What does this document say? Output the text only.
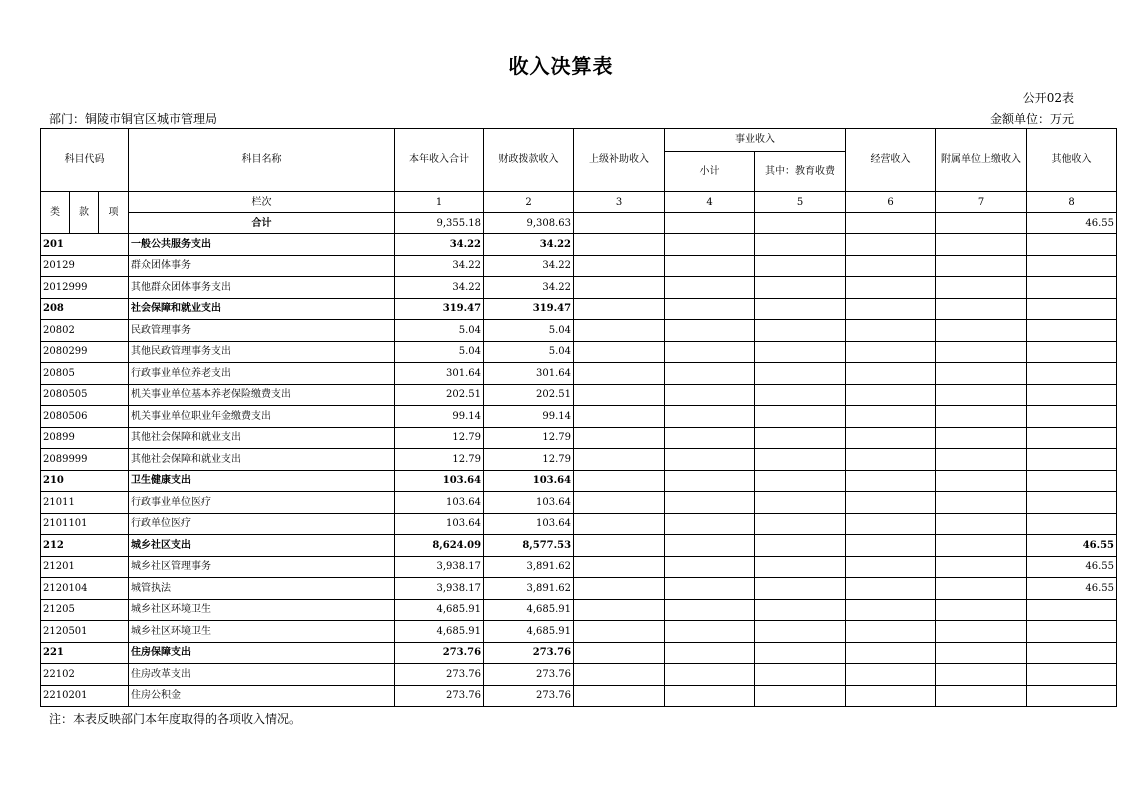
收入决算表
公开02表
部门：铜陵市铜官区城市管理局	金额单位：万元
科目代码			科目名称	本年收入合计	财政拨款收入	上级补助收入	事业收入		经营收入	附属单位上缴收入	其他收入
							小计	其中：教育收费			
类	款	项	栏次	1	2	3	4	5	6	7	8
			合计	9,355.18	9,308.63						46.55
201			一般公共服务支出	34.22	34.22						
20129			群众团体事务	34.22	34.22						
2012999			其他群众团体事务支出	34.22	34.22						
208			社会保障和就业支出	319.47	319.47						
20802			民政管理事务	5.04	5.04						
2080299			其他民政管理事务支出	5.04	5.04						
20805			行政事业单位养老支出	301.64	301.64						
2080505			机关事业单位基本养老保险缴费支出	202.51	202.51						
2080506			机关事业单位职业年金缴费支出	99.14	99.14						
20899			其他社会保障和就业支出	12.79	12.79						
2089999			其他社会保障和就业支出	12.79	12.79						
210			卫生健康支出	103.64	103.64						
21011			行政事业单位医疗	103.64	103.64						
2101101			行政单位医疗	103.64	103.64						
212			城乡社区支出	8,624.09	8,577.53						46.55
21201			城乡社区管理事务	3,938.17	3,891.62						46.55
2120104			城管执法	3,938.17	3,891.62						46.55
21205			城乡社区环境卫生	4,685.91	4,685.91						
2120501			城乡社区环境卫生	4,685.91	4,685.91						
221			住房保障支出	273.76	273.76						
22102			住房改革支出	273.76	273.76						
2210201			住房公积金	273.76	273.76						
注：本表反映部门本年度取得的各项收入情况。
